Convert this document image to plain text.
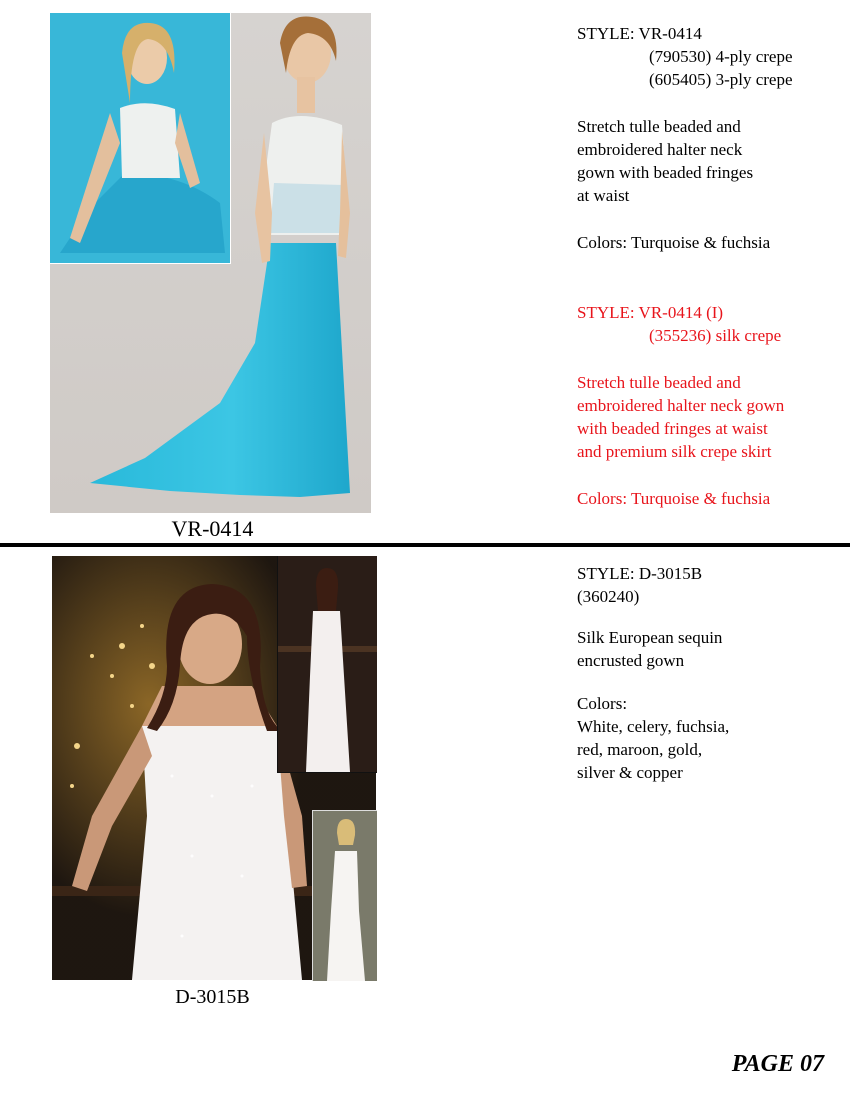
VR-0414
STYLE: VR-0414
(790530) 4-ply crepe
(605405) 3-ply crepe
Stretch tulle beaded and
embroidered halter neck
gown with beaded fringes
at waist
Colors: Turquoise & fuchsia
STYLE: VR-0414 (I)
(355236) silk crepe
Stretch tulle beaded and
embroidered halter neck gown
with beaded fringes at waist
and premium silk crepe skirt
Colors: Turquoise & fuchsia
D-3015B
STYLE: D-3015B
(360240)
Silk European sequin
encrusted gown
Colors:
White, celery, fuchsia,
red, maroon, gold,
silver & copper
PAGE 07
